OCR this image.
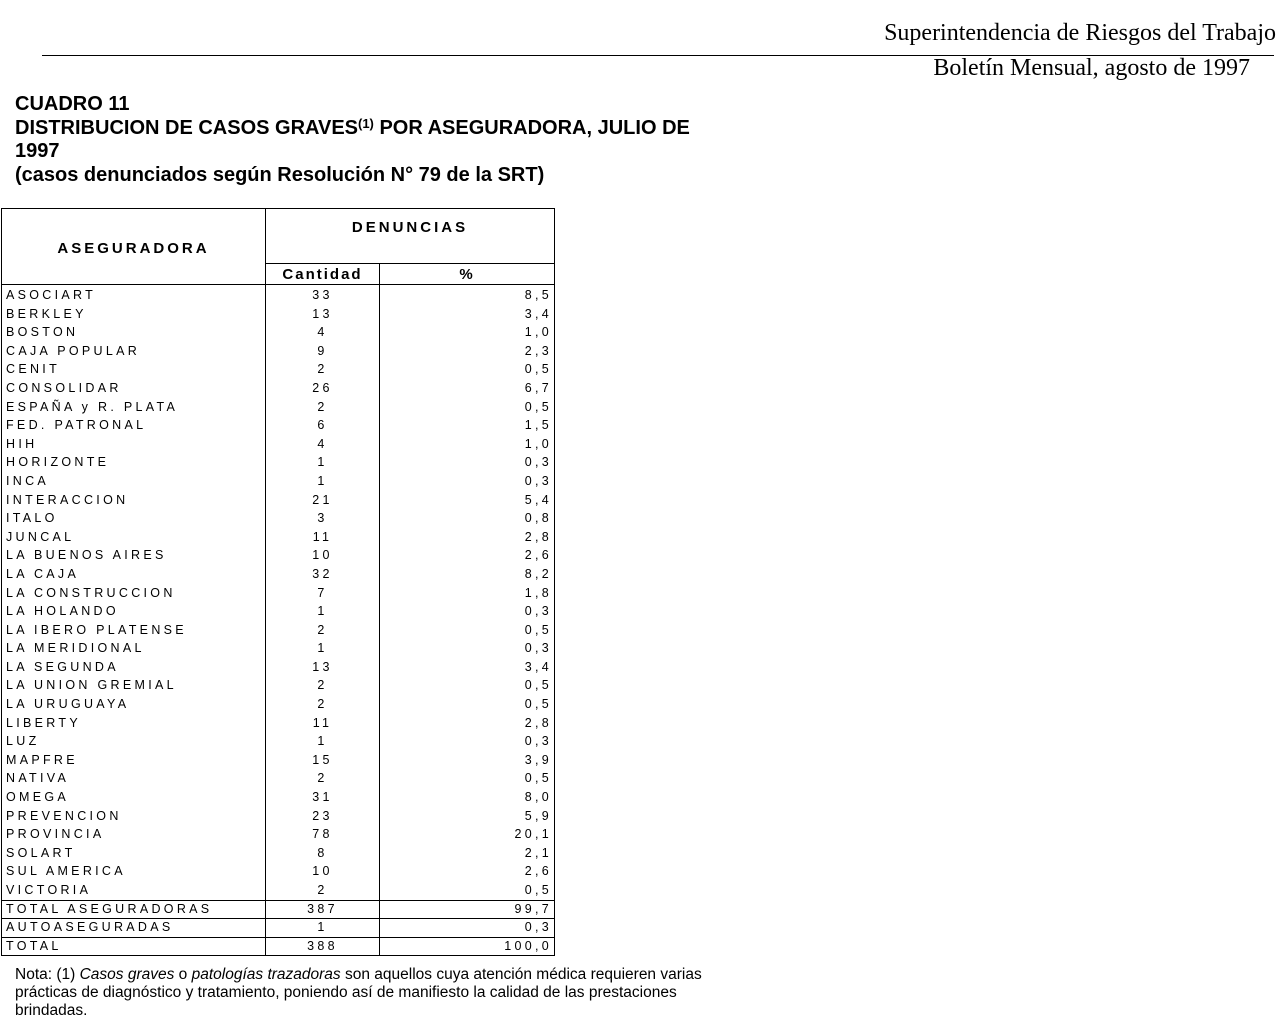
Superintendencia de Riesgos del Trabajo
Boletín Mensual, agosto de 1997
CUADRO 11
DISTRIBUCION DE CASOS GRAVES$^{(1)}$ POR ASEGURADORA, JULIO DE
1997
(casos denunciados según Resolución N° 79 de la SRT)
ASEGURADORA	DENUNCIAS	
	Cantidad	%
ASOCIART	33	8,5
BERKLEY	13	3,4
BOSTON	4	1,0
CAJA POPULAR	9	2,3
CENIT	2	0,5
CONSOLIDAR	26	6,7
ESPAÑA y R. PLATA	2	0,5
FED. PATRONAL	6	1,5
HIH	4	1,0
HORIZONTE	1	0,3
INCA	1	0,3
INTERACCION	21	5,4
ITALO	3	0,8
JUNCAL	11	2,8
LA BUENOS AIRES	10	2,6
LA CAJA	32	8,2
LA CONSTRUCCION	7	1,8
LA HOLANDO	1	0,3
LA IBERO PLATENSE	2	0,5
LA MERIDIONAL	1	0,3
LA SEGUNDA	13	3,4
LA UNION GREMIAL	2	0,5
LA URUGUAYA	2	0,5
LIBERTY	11	2,8
LUZ	1	0,3
MAPFRE	15	3,9
NATIVA	2	0,5
OMEGA	31	8,0
PREVENCION	23	5,9
PROVINCIA	78	20,1
SOLART	8	2,1
SUL AMERICA	10	2,6
VICTORIA	2	0,5
TOTAL ASEGURADORAS	387	99,7
AUTOASEGURADAS	1	0,3
TOTAL	388	100,0
Nota: (1) Casos graves o patologías trazadoras son aquellos cuya atención médica requieren varias prácticas de diagnóstico y tratamiento, poniendo así de manifiesto la calidad de las prestaciones brindadas.
